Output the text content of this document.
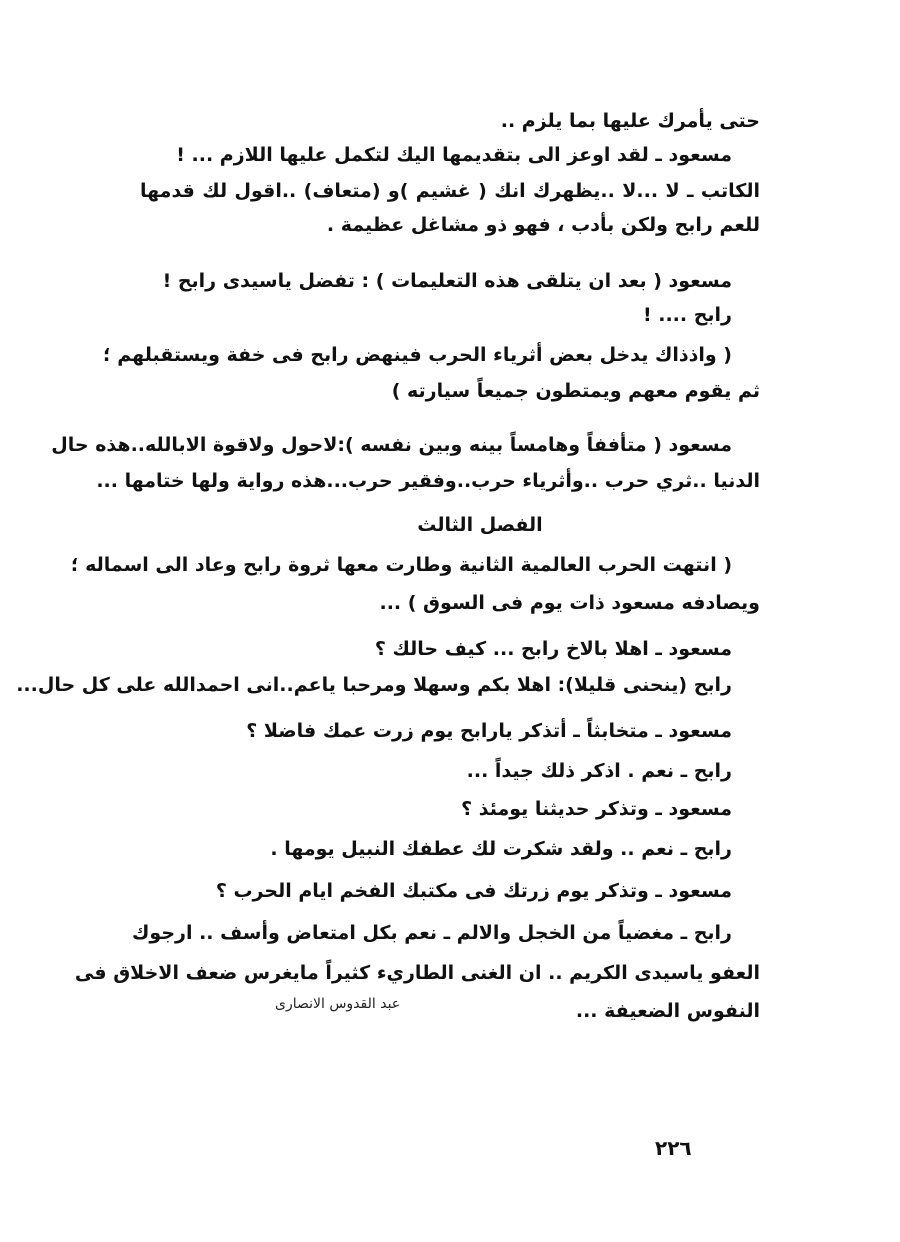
حتى يأمرك عليها بما يلزم ..
مسعود ـ لقد اوعز الى بتقديمها اليك لتكمل عليها اللازم ... !
الكاتب ـ لا ...لا ..يظهرك انك ( غشيم )و (متعاف) ..اقول لك قدمها
للعم رابح ولكن بأدب ، فهو ذو مشاغل عظيمة .
مسعود ( بعد ان يتلقى هذه التعليمات ) : تفضل ياسيدى رابح !
رابح .... !
( واذذاك يدخل بعض أثرياء الحرب فينهض رابح فى خفة ويستقبلهم ؛
ثم يقوم معهم ويمتطون جميعاً سيارته )
مسعود ( متأففاً وهامساً بينه وبين نفسه ):لاحول ولاقوة الابالله..هذه حال
الدنيا ..ثري حرب ..وأثرياء حرب..وفقير حرب...هذه رواية ولها ختامها ...
الفصل الثالث
( انتهت الحرب العالمية الثانية وطارت معها ثروة رابح وعاد الى اسماله ؛
ويصادفه مسعود ذات يوم فى السوق ) ...
مسعود ـ اهلا بالاخ رابح ... كيف حالك ؟
رابح (ينحنى قليلا): اهلا بكم وسهلا ومرحبا ياعم..انى احمدالله على كل حال...
مسعود ـ متخابثاً ـ أتذكر يارابح يوم زرت عمك فاضلا ؟
رابح ـ نعم . اذكر ذلك جيداً ...
مسعود ـ وتذكر حديثنا يومئذ ؟
رابح ـ نعم .. ولقد شكرت لك عطفك النبيل يومها .
مسعود ـ وتذكر يوم زرتك فى مكتبك الفخم ايام الحرب ؟
رابح ـ مغضياً من الخجل والالم ـ نعم بكل امتعاض وأسف .. ارجوك
العفو ياسيدى الكريم .. ان الغنى الطاريء كثيراً مايغرس ضعف الاخلاق فى
النفوس الضعيفة ...
عبد القدوس الانصارى
٢٢٦
